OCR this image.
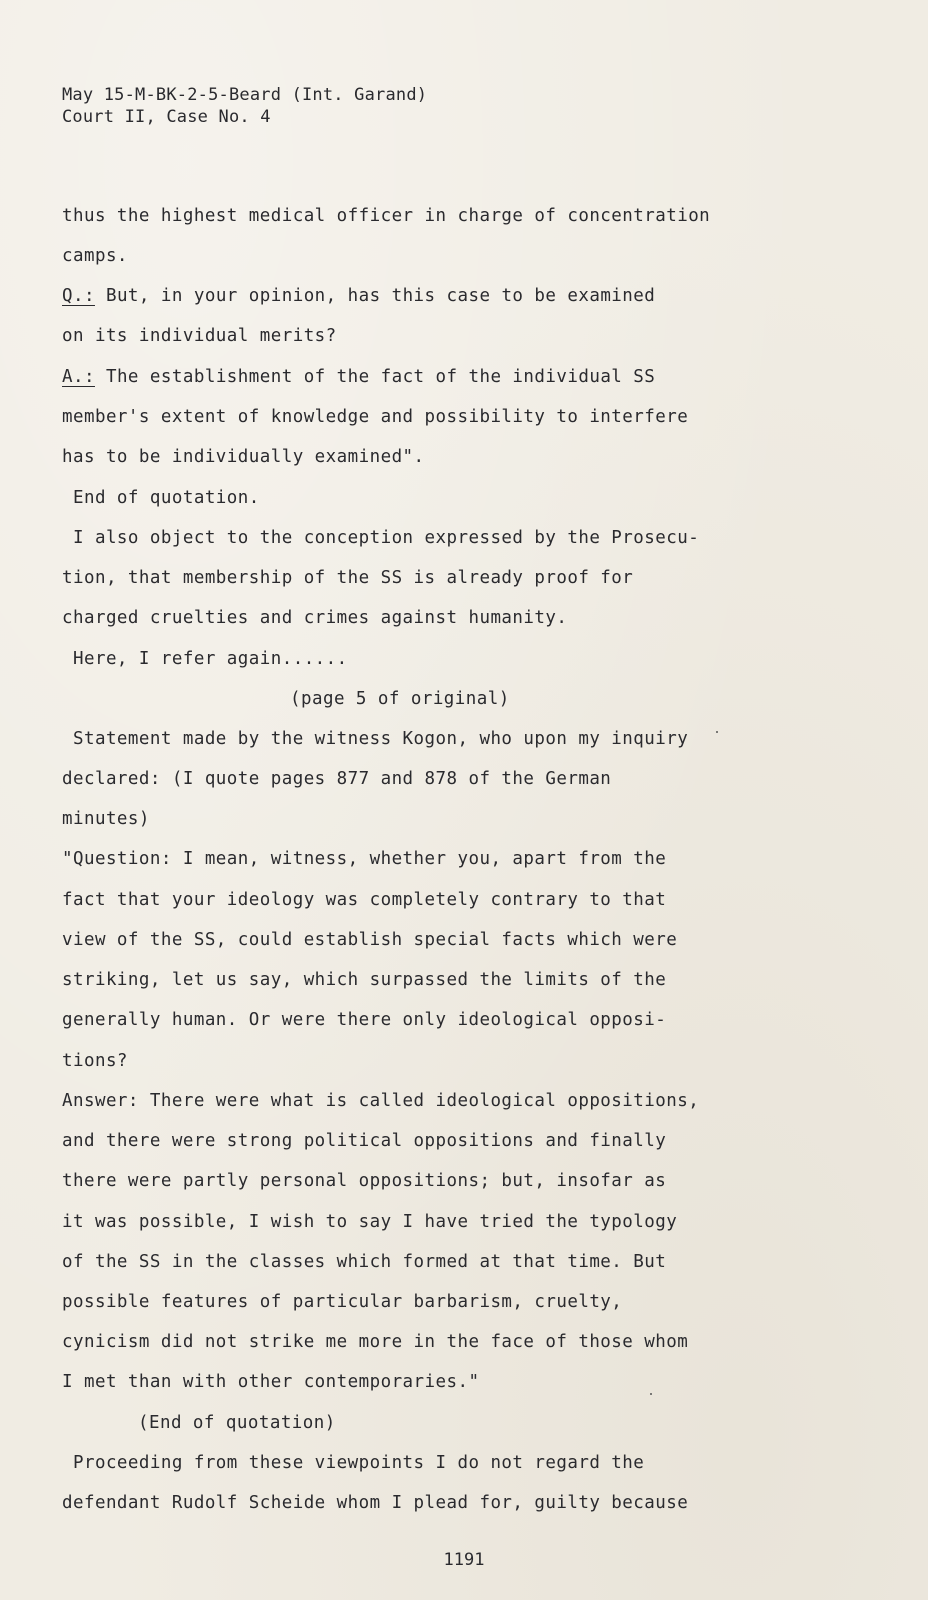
May 15-M-BK-2-5-Beard (Int. Garand)
Court II, Case No. 4
thus the highest medical officer in charge of concentration
camps.
Q.: But, in your opinion, has this case to be examined
on its individual merits?
A.: The establishment of the fact of the individual SS
member's extent of knowledge and possibility to interfere
has to be individually examined".
End of quotation.
I also object to the conception expressed by the Prosecu-
tion, that membership of the SS is already proof for
charged cruelties and crimes against humanity.
Here, I refer again......
(page 5 of original)
Statement made by the witness Kogon, who upon my inquiry
declared: (I quote pages 877 and 878 of the German
minutes)
"Question: I mean, witness, whether you, apart from the
fact that your ideology was completely contrary to that
view of the SS, could establish special facts which were
striking, let us say, which surpassed the limits of the
generally human. Or were there only ideological opposi-
tions?
Answer: There were what is called ideological oppositions,
and there were strong political oppositions and finally
there were partly personal oppositions; but, insofar as
it was possible, I wish to say I have tried the typology
of the SS in the classes which formed at that time. But
possible features of particular barbarism, cruelty,
cynicism did not strike me more in the face of those whom
I met than with other contemporaries."
(End of quotation)
Proceeding from these viewpoints I do not regard the
defendant Rudolf Scheide whom I plead for, guilty because
1191
